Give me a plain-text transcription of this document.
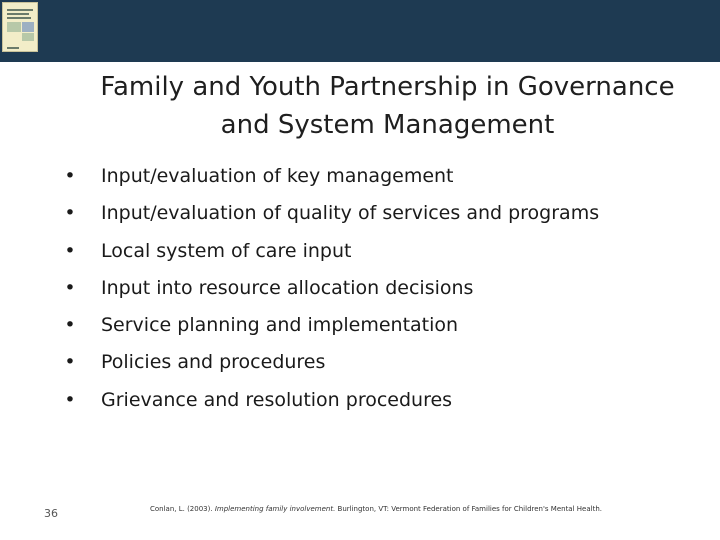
Family and Youth Partnership in Governance
and System Management
• Input/evaluation of key management
• Input/evaluation of quality of services and programs
• Local system of care input
• Input into resource allocation decisions
• Service planning and implementation
• Policies and procedures
• Grievance and resolution procedures
36	Conlan, L. (2003). Implementing family involvement. Burlington, VT: Vermont Federation of Families for Children's Mental Health.
